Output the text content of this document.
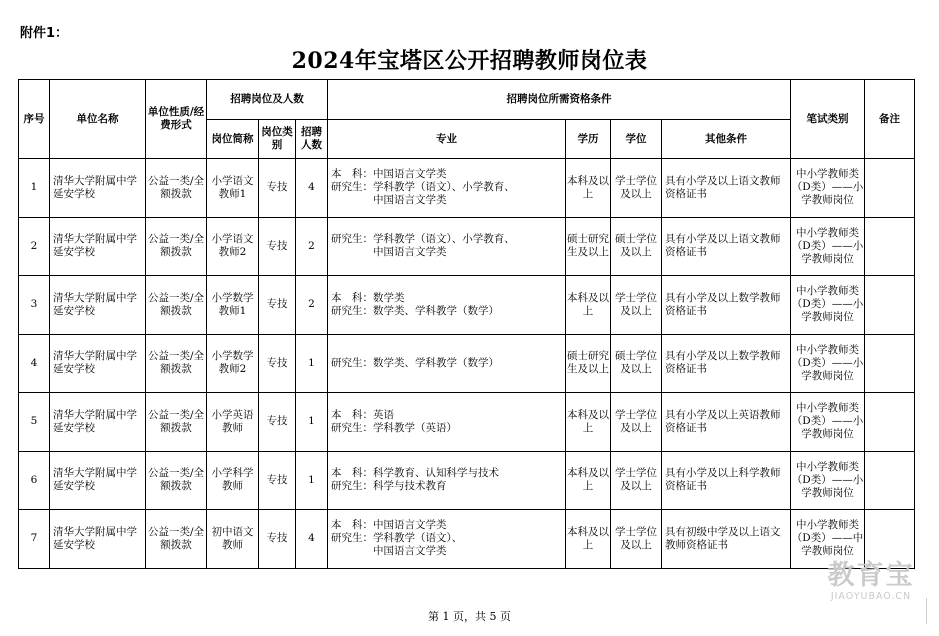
附件1：
2024年宝塔区公开招聘教师岗位表
序号	单位名称	单位性质/经费形式	招聘岗位及人数			招聘岗位所需资格条件				笔试类别	备注
			岗位简称	岗位类别	招聘人数	专业	学历	学位	其他条件		
1	清华大学附属中学延安学校	公益一类/全额拨款	小学语文教师1	专技	4	本　科：中国语言文学类
研究生：学科教学（语文）、小学教育、
　　　　中国语言文学类	本科及以上	学士学位及以上	具有小学及以上语文教师资格证书	中小学教师类（D类）——小学教师岗位	
2	清华大学附属中学延安学校	公益一类/全额拨款	小学语文教师2	专技	2	研究生：学科教学（语文）、小学教育、
　　　　中国语言文学类	硕士研究生及以上	硕士学位及以上	具有小学及以上语文教师资格证书	中小学教师类（D类）——小学教师岗位	
3	清华大学附属中学延安学校	公益一类/全额拨款	小学数学教师1	专技	2	本　科：数学类
研究生：数学类、学科教学（数学）	本科及以上	学士学位及以上	具有小学及以上数学教师资格证书	中小学教师类（D类）——小学教师岗位	
4	清华大学附属中学延安学校	公益一类/全额拨款	小学数学教师2	专技	1	研究生：数学类、学科教学（数学）	硕士研究生及以上	硕士学位及以上	具有小学及以上数学教师资格证书	中小学教师类（D类）——小学教师岗位	
5	清华大学附属中学延安学校	公益一类/全额拨款	小学英语教师	专技	1	本　科：英语
研究生：学科教学（英语）	本科及以上	学士学位及以上	具有小学及以上英语教师资格证书	中小学教师类（D类）——小学教师岗位	
6	清华大学附属中学延安学校	公益一类/全额拨款	小学科学教师	专技	1	本　科：科学教育、认知科学与技术
研究生：科学与技术教育	本科及以上	学士学位及以上	具有小学及以上科学教师资格证书	中小学教师类（D类）——小学教师岗位	
7	清华大学附属中学延安学校	公益一类/全额拨款	初中语文教师	专技	4	本　科：中国语言文学类
研究生：学科教学（语文）、
　　　　中国语言文学类	本科及以上	学士学位及以上	具有初级中学及以上语文教师资格证书	中小学教师类（D类）——中学教师岗位	
第 1 页，共 5 页
教育宝
JIAOYUBAO.CN
